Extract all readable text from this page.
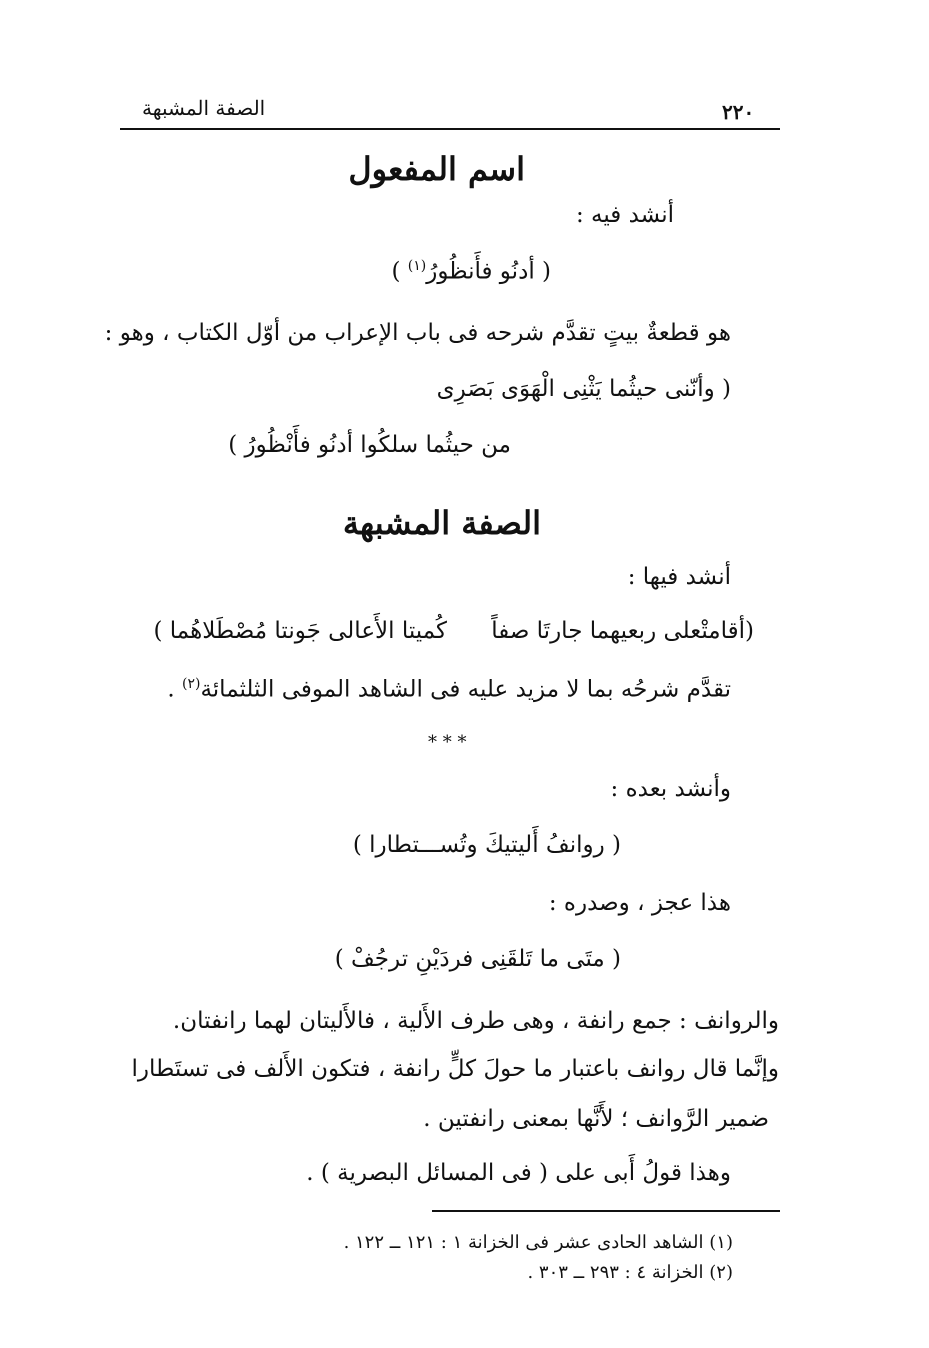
الصفة المشبهة	٢٢٠
اسم المفعول
أنشد فيه :
( أدنُو فأَنظُورُ$^{(١)}$ )
هو قطعةٌ بيتٍ تقدَّم شرحه فى باب الإعراب من أوّل الكتاب ، وهو :
( وأنّنى حيثُما يَثْنِى الْهَوَى بَصَرِى
من حيثُما سلكُوا أدنُو فأَنْظُورُ )
الصفة المشبهة
أنشد فيها :
(أقامتْعلى ربعيهما جارتَا صفاً
كُميتا الأَعالى جَونتا مُصْطَلاهُما )
تقدَّم شرحُه بما لا مزيد عليه فى الشاهد الموفى الثلثمائة$^{(٢)}$ .
* * *
وأنشد بعده :
( روانفُ أَليتيكَ وتُســـتطارا )
هذا عجز ، وصدره :
( متَى ما تَلقَنِى فردَيْنِ ترجُفْ )
والروانف : جمع رانفة ، وهى طرف الأَلية ، فالأَليتان لهما رانفتان.
وإنَّما قال روانف باعتبار ما حولَ كلٍّ رانفة ، فتكون الأَلف فى تستَطارا
ضمير الرَّوانف ؛ لأَنَّها بمعنى رانفتين .
وهذا قولُ أَبى على ( فى المسائل البصرية ) .
(١) الشاهد الحادى عشر فى الخزانة ١ : ١٢١ ــ ١٢٢ .
(٢) الخزانة ٤ : ٢٩٣ ــ ٣٠٣ .
